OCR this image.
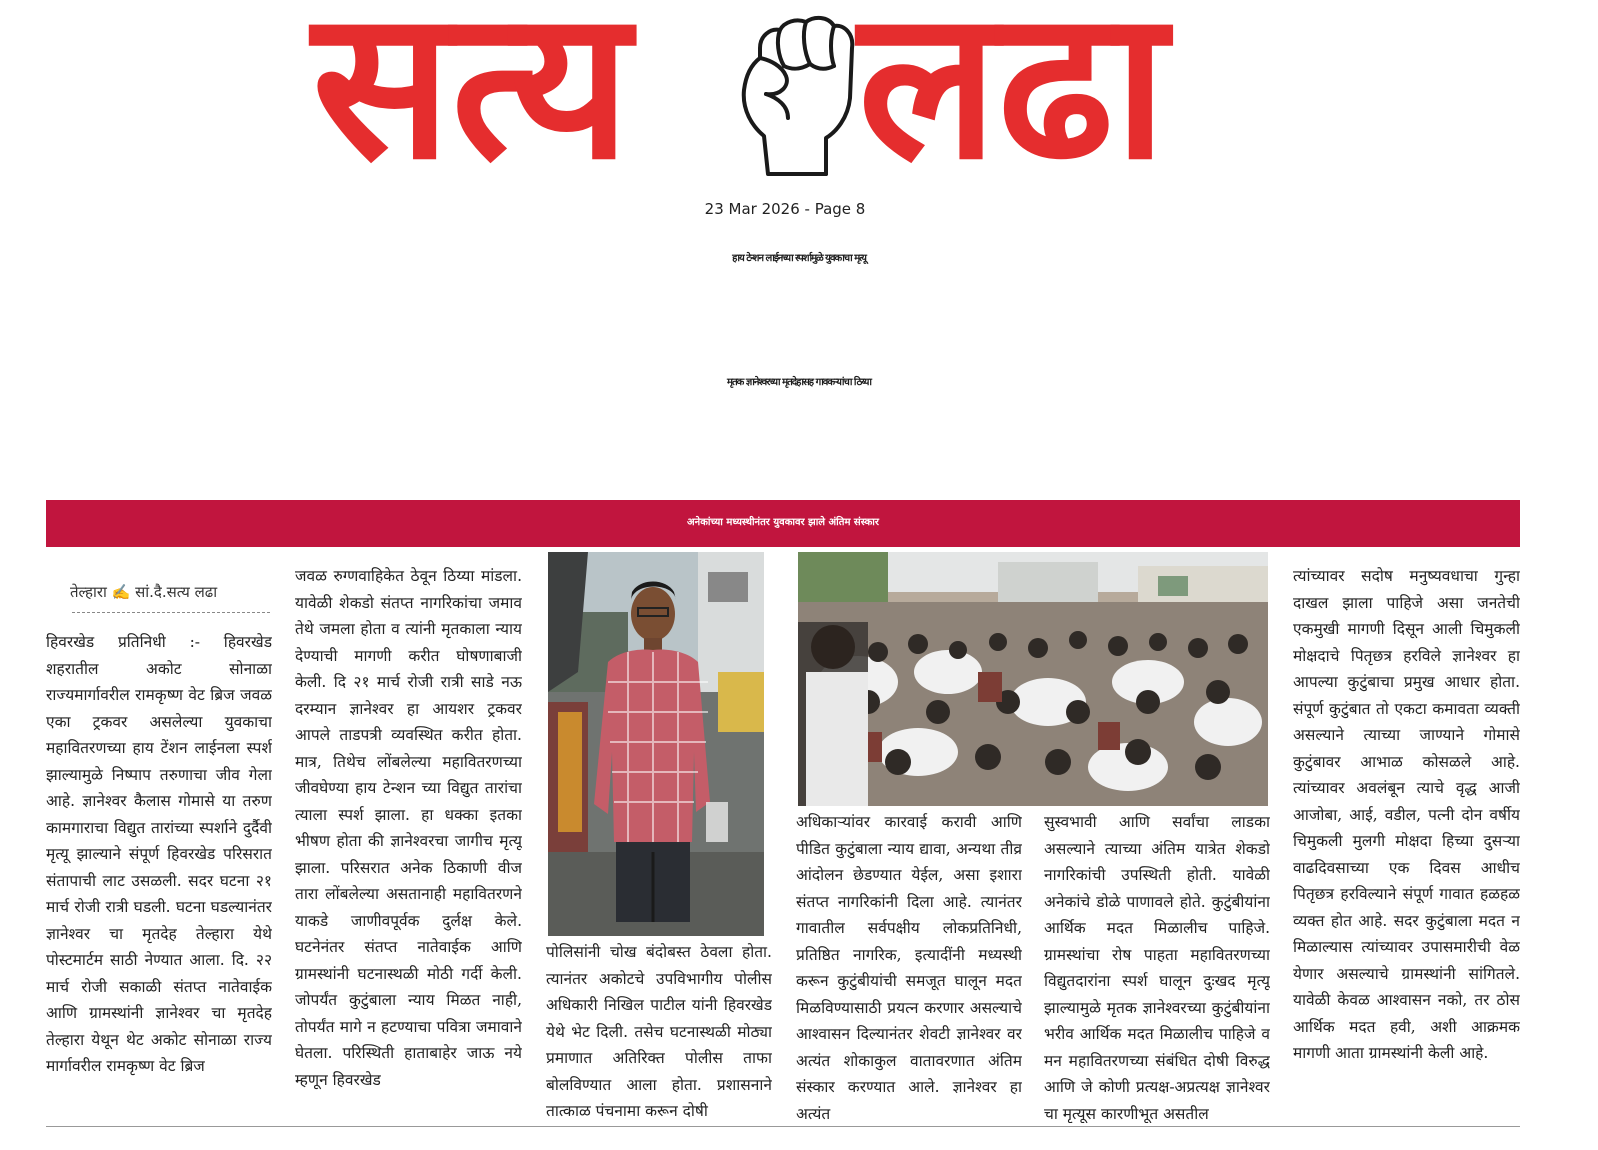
सत्य लढा
23 Mar 2026 - Page 8
हाय टेन्शन लाईनच्या स्पर्शामुळे युवकाचा मृत्यू
मृतक ज्ञानेश्वरच्या मृतदेहासह गावकऱ्यांचा ठिय्या
अनेकांच्या मध्यस्थीनंतर युवकावर झाले अंतिम संस्कार
तेल्हारा ✍️ सां.दै.सत्य लढा

हिवरखेड प्रतिनिधी :- हिवरखेड शहरातील अकोट सोनाळा राज्यमार्गावरील रामकृष्ण वेट ब्रिज जवळ एका ट्रकवर असलेल्या युवकाचा महावितरणच्या हाय टेंशन लाईनला स्पर्श झाल्यामुळे निष्पाप तरुणाचा जीव गेला आहे. ज्ञानेश्वर कैलास गोमासे या तरुण कामगाराचा विद्युत तारांच्या स्पर्शाने दुर्दैवी मृत्यू झाल्याने संपूर्ण हिवरखेड परिसरात संतापाची लाट उसळली. सदर घटना २१ मार्च रोजी रात्री घडली. घटना घडल्यानंतर ज्ञानेश्वर चा मृतदेह तेल्हारा येथे पोस्टमार्टम साठी नेण्यात आला. दि. २२ मार्च रोजी सकाळी संतप्त नातेवाईक आणि ग्रामस्थांनी ज्ञानेश्वर चा मृतदेह तेल्हारा येथून थेट अकोट सोनाळा राज्य मार्गावरील रामकृष्ण वेट ब्रिज

जवळ रुग्णवाहिकेत ठेवून ठिय्या मांडला. यावेळी शेकडो संतप्त नागरिकांचा जमाव तेथे जमला होता व त्यांनी मृतकाला न्याय देण्याची मागणी करीत घोषणाबाजी केली. दि २१ मार्च रोजी रात्री साडे नऊ दरम्यान ज्ञानेश्वर हा आयशर ट्रकवर आपले ताडपत्री व्यवस्थित करीत होता. मात्र, तिथेच लोंबलेल्या महावितरणच्या जीवघेण्या हाय टेन्शन च्या विद्युत तारांचा त्याला स्पर्श झाला. हा धक्का इतका भीषण होता की ज्ञानेश्वरचा जागीच मृत्यू झाला. परिसरात अनेक ठिकाणी वीज तारा लोंबलेल्या असतानाही महावितरणने याकडे जाणीवपूर्वक दुर्लक्ष केले. घटनेनंतर संतप्त नातेवाईक आणि ग्रामस्थांनी घटनास्थळी मोठी गर्दी केली. जोपर्यंत कुटुंबाला न्याय मिळत नाही, तोपर्यंत मागे न हटण्याचा पवित्रा जमावाने घेतला. परिस्थिती हाताबाहेर जाऊ नये म्हणून हिवरखेड

पोलिसांनी चोख बंदोबस्त ठेवला होता. त्यानंतर अकोटचे उपविभागीय पोलीस अधिकारी निखिल पाटील यांनी हिवरखेड येथे भेट दिली. तसेच घटनास्थळी मोठ्या प्रमाणात अतिरिक्त पोलीस ताफा बोलविण्यात आला होता. प्रशासनाने तात्काळ पंचनामा करून दोषी

अधिकाऱ्यांवर कारवाई करावी आणि पीडित कुटुंबाला न्याय द्यावा, अन्यथा तीव्र आंदोलन छेडण्यात येईल, असा इशारा संतप्त नागरिकांनी दिला आहे. त्यानंतर गावातील सर्वपक्षीय लोकप्रतिनिधी, प्रतिष्ठित नागरिक, इत्यादींनी मध्यस्थी करून कुटुंबीयांची समजूत घालून मदत मिळविण्यासाठी प्रयत्न करणार असल्याचे आश्वासन दिल्यानंतर शेवटी ज्ञानेश्वर वर अत्यंत शोकाकुल वातावरणात अंतिम संस्कार करण्यात आले. ज्ञानेश्वर हा अत्यंत

सुस्वभावी आणि सर्वांचा लाडका असल्याने त्याच्या अंतिम यात्रेत शेकडो नागरिकांची उपस्थिती होती. यावेळी अनेकांचे डोळे पाणावले होते. कुटुंबीयांना आर्थिक मदत मिळालीच पाहिजे. ग्रामस्थांचा रोष पाहता महावितरणच्या विद्युतदारांना स्पर्श घालून दुःखद मृत्यू झाल्यामुळे मृतक ज्ञानेश्वरच्या कुटुंबीयांना भरीव आर्थिक मदत मिळालीच पाहिजे व मन महावितरणच्या संबंधित दोषी विरुद्ध आणि जे कोणी प्रत्यक्ष-अप्रत्यक्ष ज्ञानेश्वर चा मृत्यूस कारणीभूत असतील

त्यांच्यावर सदोष मनुष्यवधाचा गुन्हा दाखल झाला पाहिजे असा जनतेची एकमुखी मागणी दिसून आली चिमुकली मोक्षदाचे पितृछत्र हरविले ज्ञानेश्वर हा आपल्या कुटुंबाचा प्रमुख आधार होता. संपूर्ण कुटुंबात तो एकटा कमावता व्यक्ती असल्याने त्याच्या जाण्याने गोमासे कुटुंबावर आभाळ कोसळले आहे. त्यांच्यावर अवलंबून त्याचे वृद्ध आजी आजोबा, आई, वडील, पत्नी दोन वर्षीय चिमुकली मुलगी मोक्षदा हिच्या दुसऱ्या वाढदिवसाच्या एक दिवस आधीच पितृछत्र हरविल्याने संपूर्ण गावात हळहळ व्यक्त होत आहे. सदर कुटुंबाला मदत न मिळाल्यास त्यांच्यावर उपासमारीची वेळ येणार असल्याचे ग्रामस्थांनी सांगितले. यावेळी केवळ आश्वासन नको, तर ठोस आर्थिक मदत हवी, अशी आक्रमक मागणी आता ग्रामस्थांनी केली आहे.
